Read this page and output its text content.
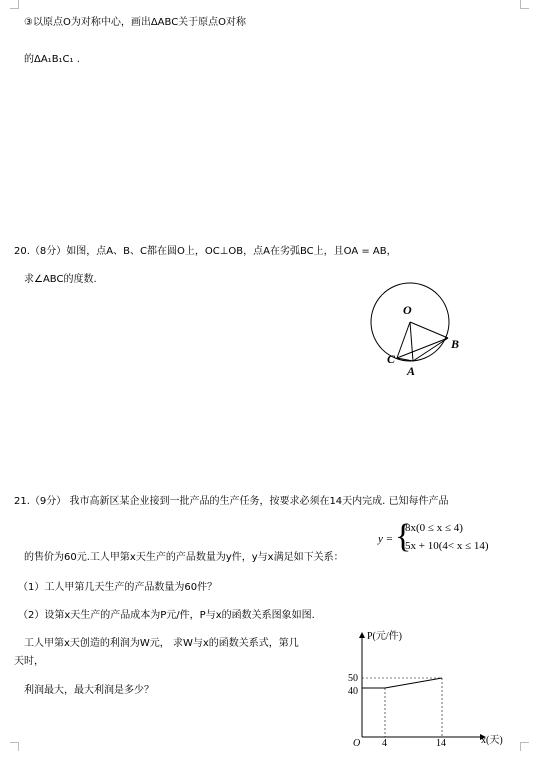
③以原点O为对称中心，画出ΔABC关于原点O对称
的ΔA₁B₁C₁ .
20.（8分）如图，点A、B、C都在圆O上，OC⊥OB，点A在劣弧BC上，且OA = AB，
求∠ABC的度数.
O
B
C
A
21.（9分） 我市高新区某企业接到一批产品的生产任务，按要求必须在14天内完成. 已知每件产品
y = {
8x(0 ≤ x ≤ 4)
5x + 10(4< x ≤ 14)
的售价为60元.工人甲第x天生产的产品数量为y件，y与x满足如下关系：
（1）工人甲第几天生产的产品数量为60件？
（2）设第x天生产的产品成本为P元/件，P与x的函数关系图象如图.
工人甲第x天创造的利润为W元， 求W与x的函数关系式，第几
天时，
利润最大，最大利润是多少？
P(元/件)
x(天)
O
50
40
4	14
